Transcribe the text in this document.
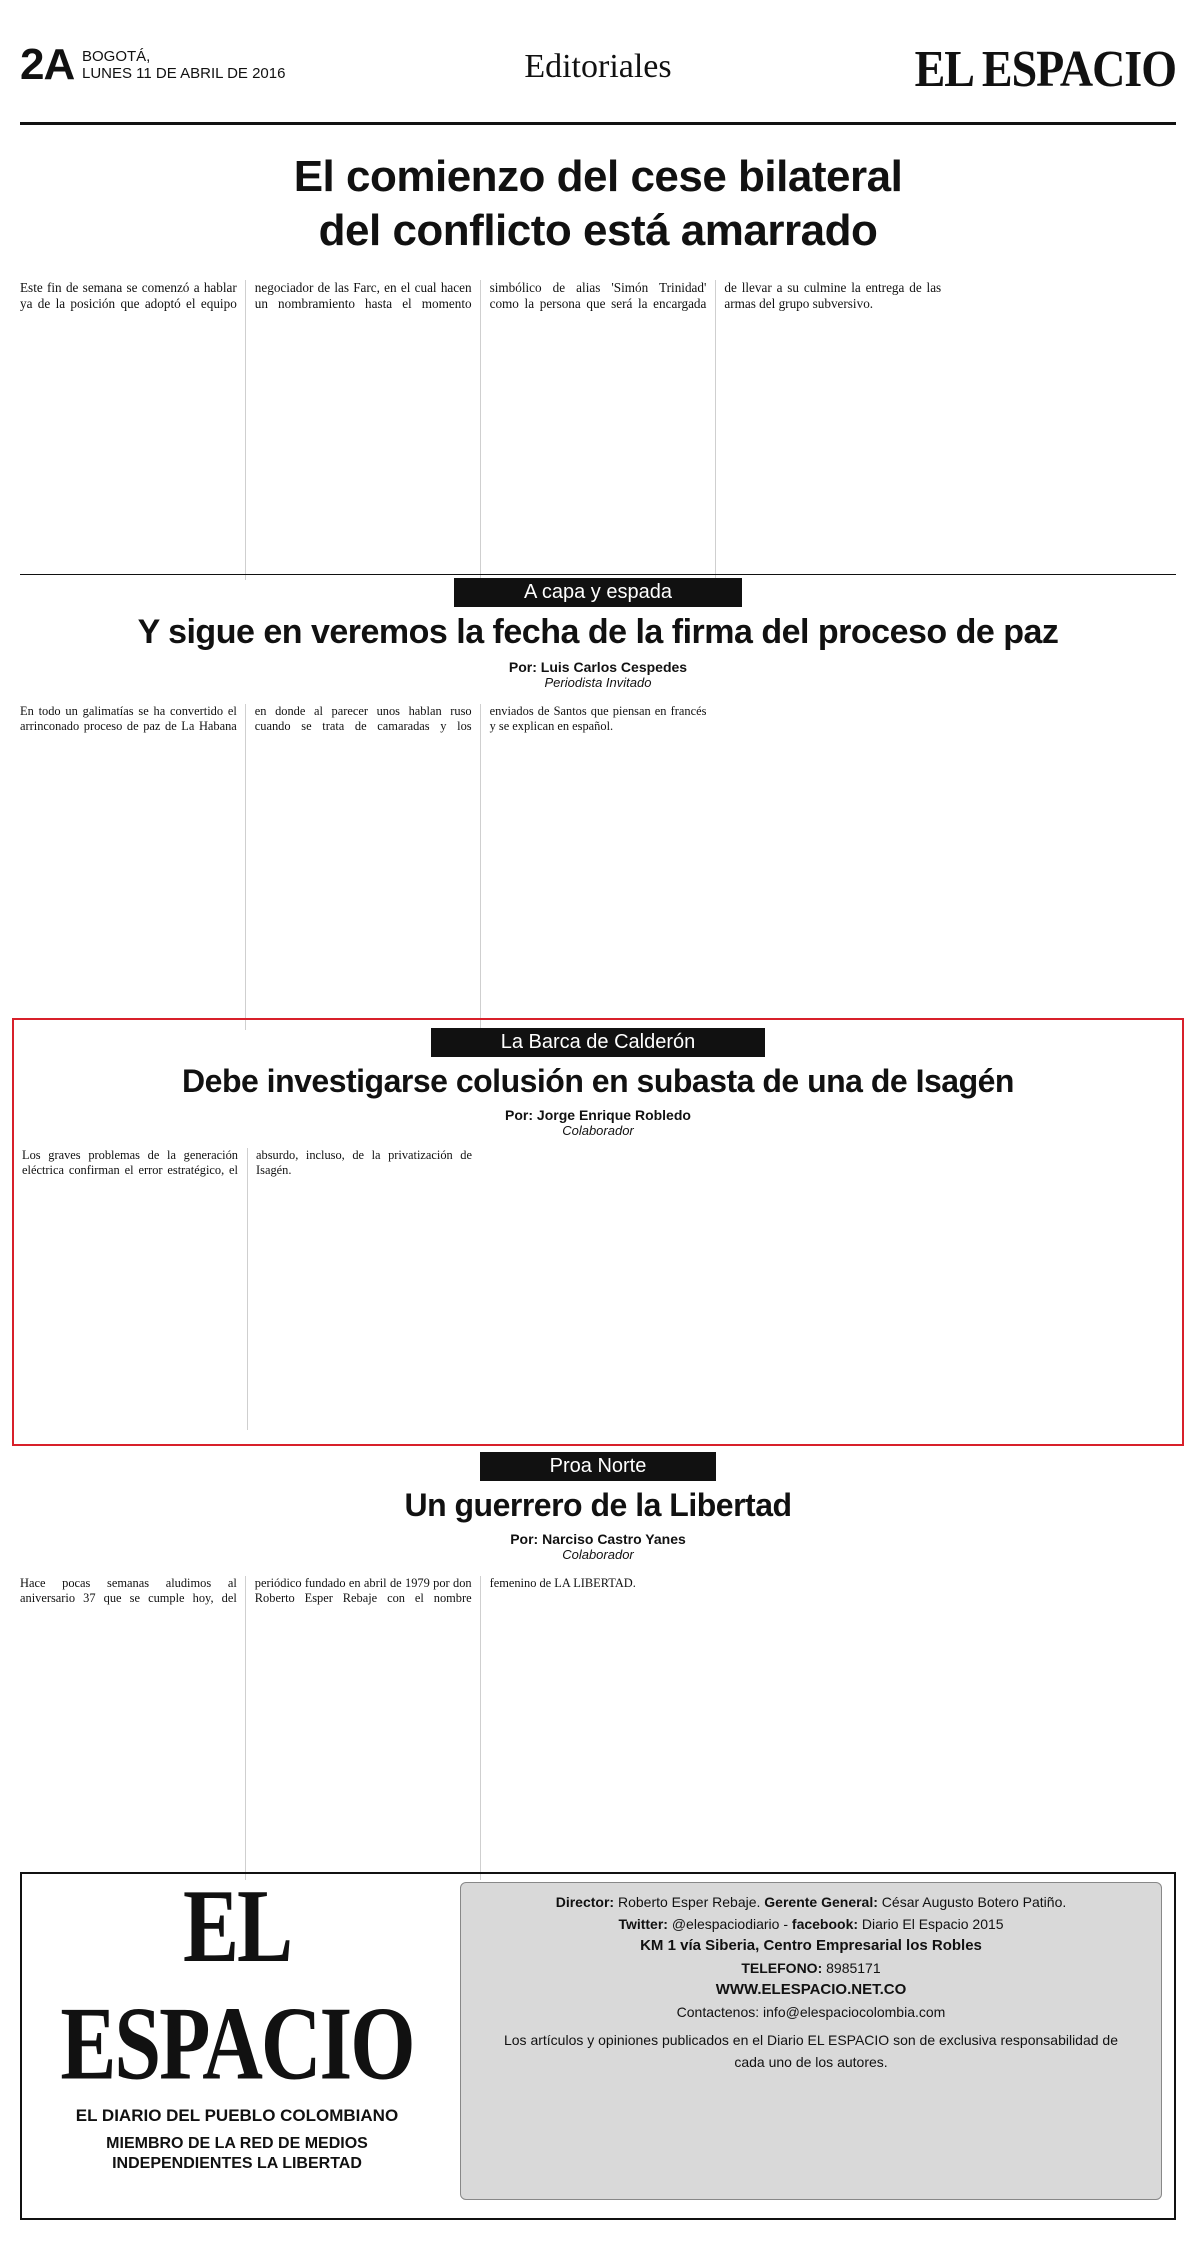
2A BOGOTÁ,
LUNES 11 DE ABRIL DE 2016	Editoriales	EL ESPACIO
El comienzo del cese bilateral
del conflicto está amarrado

Este fin de semana se comenzó a hablar ya de la posición que adoptó el equipo negociador de las Farc, en el cual hacen un nombramiento hasta el momento simbólico de alias 'Simón Trinidad' como la persona que será la encargada de llevar a su culmine la entrega de las armas del grupo subversivo.

A capa y espada
Y sigue en veremos la fecha de la firma del proceso de paz
Por: Luis Carlos Cespedes
Periodista Invitado

En todo un galimatías se ha convertido el arrinconado proceso de paz de La Habana en donde al parecer unos hablan ruso cuando se trata de camaradas y los enviados de Santos que piensan en francés y se explican en español.

La Barca de Calderón
Debe investigarse colusión en subasta de una de Isagén
Por: Jorge Enrique Robledo
Colaborador

Los graves problemas de la generación eléctrica confirman el error estratégico, el absurdo, incluso, de la privatización de Isagén.

Proa Norte
Un guerrero de la Libertad
Por: Narciso Castro Yanes
Colaborador

Hace pocas semanas aludimos al aniversario 37 que se cumple hoy, del periódico fundado en abril de 1979 por don Roberto Esper Rebaje con el nombre femenino de LA LIBERTAD.

EL ESPACIO
EL DIARIO DEL PUEBLO COLOMBIANO
MIEMBRO DE LA RED DE MEDIOS
INDEPENDIENTES LA LIBERTAD
Director: Roberto Esper Rebaje. Gerente General: César Augusto Botero Patiño.
Twitter: @elespaciodiario - facebook: Diario El Espacio 2015
KM 1 vía Siberia, Centro Empresarial los Robles
TELEFONO: 8985171
WWW.ELESPACIO.NET.CO
Contactenos: info@elespaciocolombia.com
Los artículos y opiniones publicados en el Diario EL ESPACIO son de exclusiva responsabilidad de cada uno de los autores.
